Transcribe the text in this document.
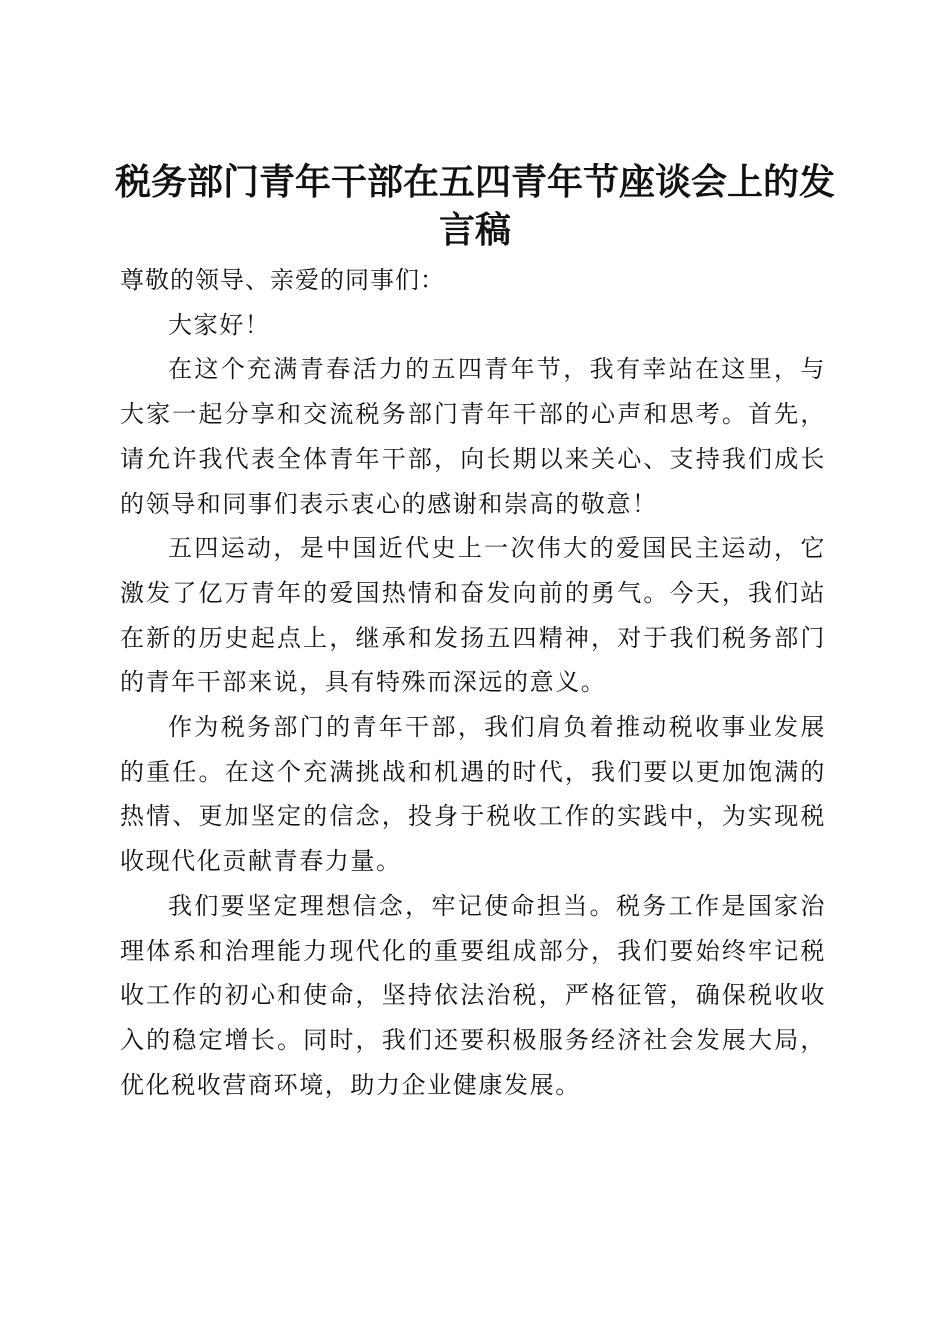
税务部门青年干部在五四青年节座谈会上的发言稿

尊敬的领导、亲爱的同事们：

大家好！

在这个充满青春活力的五四青年节，我有幸站在这里，与大家一起分享和交流税务部门青年干部的心声和思考。首先，请允许我代表全体青年干部，向长期以来关心、支持我们成长的领导和同事们表示衷心的感谢和崇高的敬意！

五四运动，是中国近代史上一次伟大的爱国民主运动，它激发了亿万青年的爱国热情和奋发向前的勇气。今天，我们站在新的历史起点上，继承和发扬五四精神，对于我们税务部门的青年干部来说，具有特殊而深远的意义。

作为税务部门的青年干部，我们肩负着推动税收事业发展的重任。在这个充满挑战和机遇的时代，我们要以更加饱满的热情、更加坚定的信念，投身于税收工作的实践中，为实现税收现代化贡献青春力量。

我们要坚定理想信念，牢记使命担当。税务工作是国家治理体系和治理能力现代化的重要组成部分，我们要始终牢记税收工作的初心和使命，坚持依法治税，严格征管，确保税收收入的稳定增长。同时，我们还要积极服务经济社会发展大局，优化税收营商环境，助力企业健康发展。
